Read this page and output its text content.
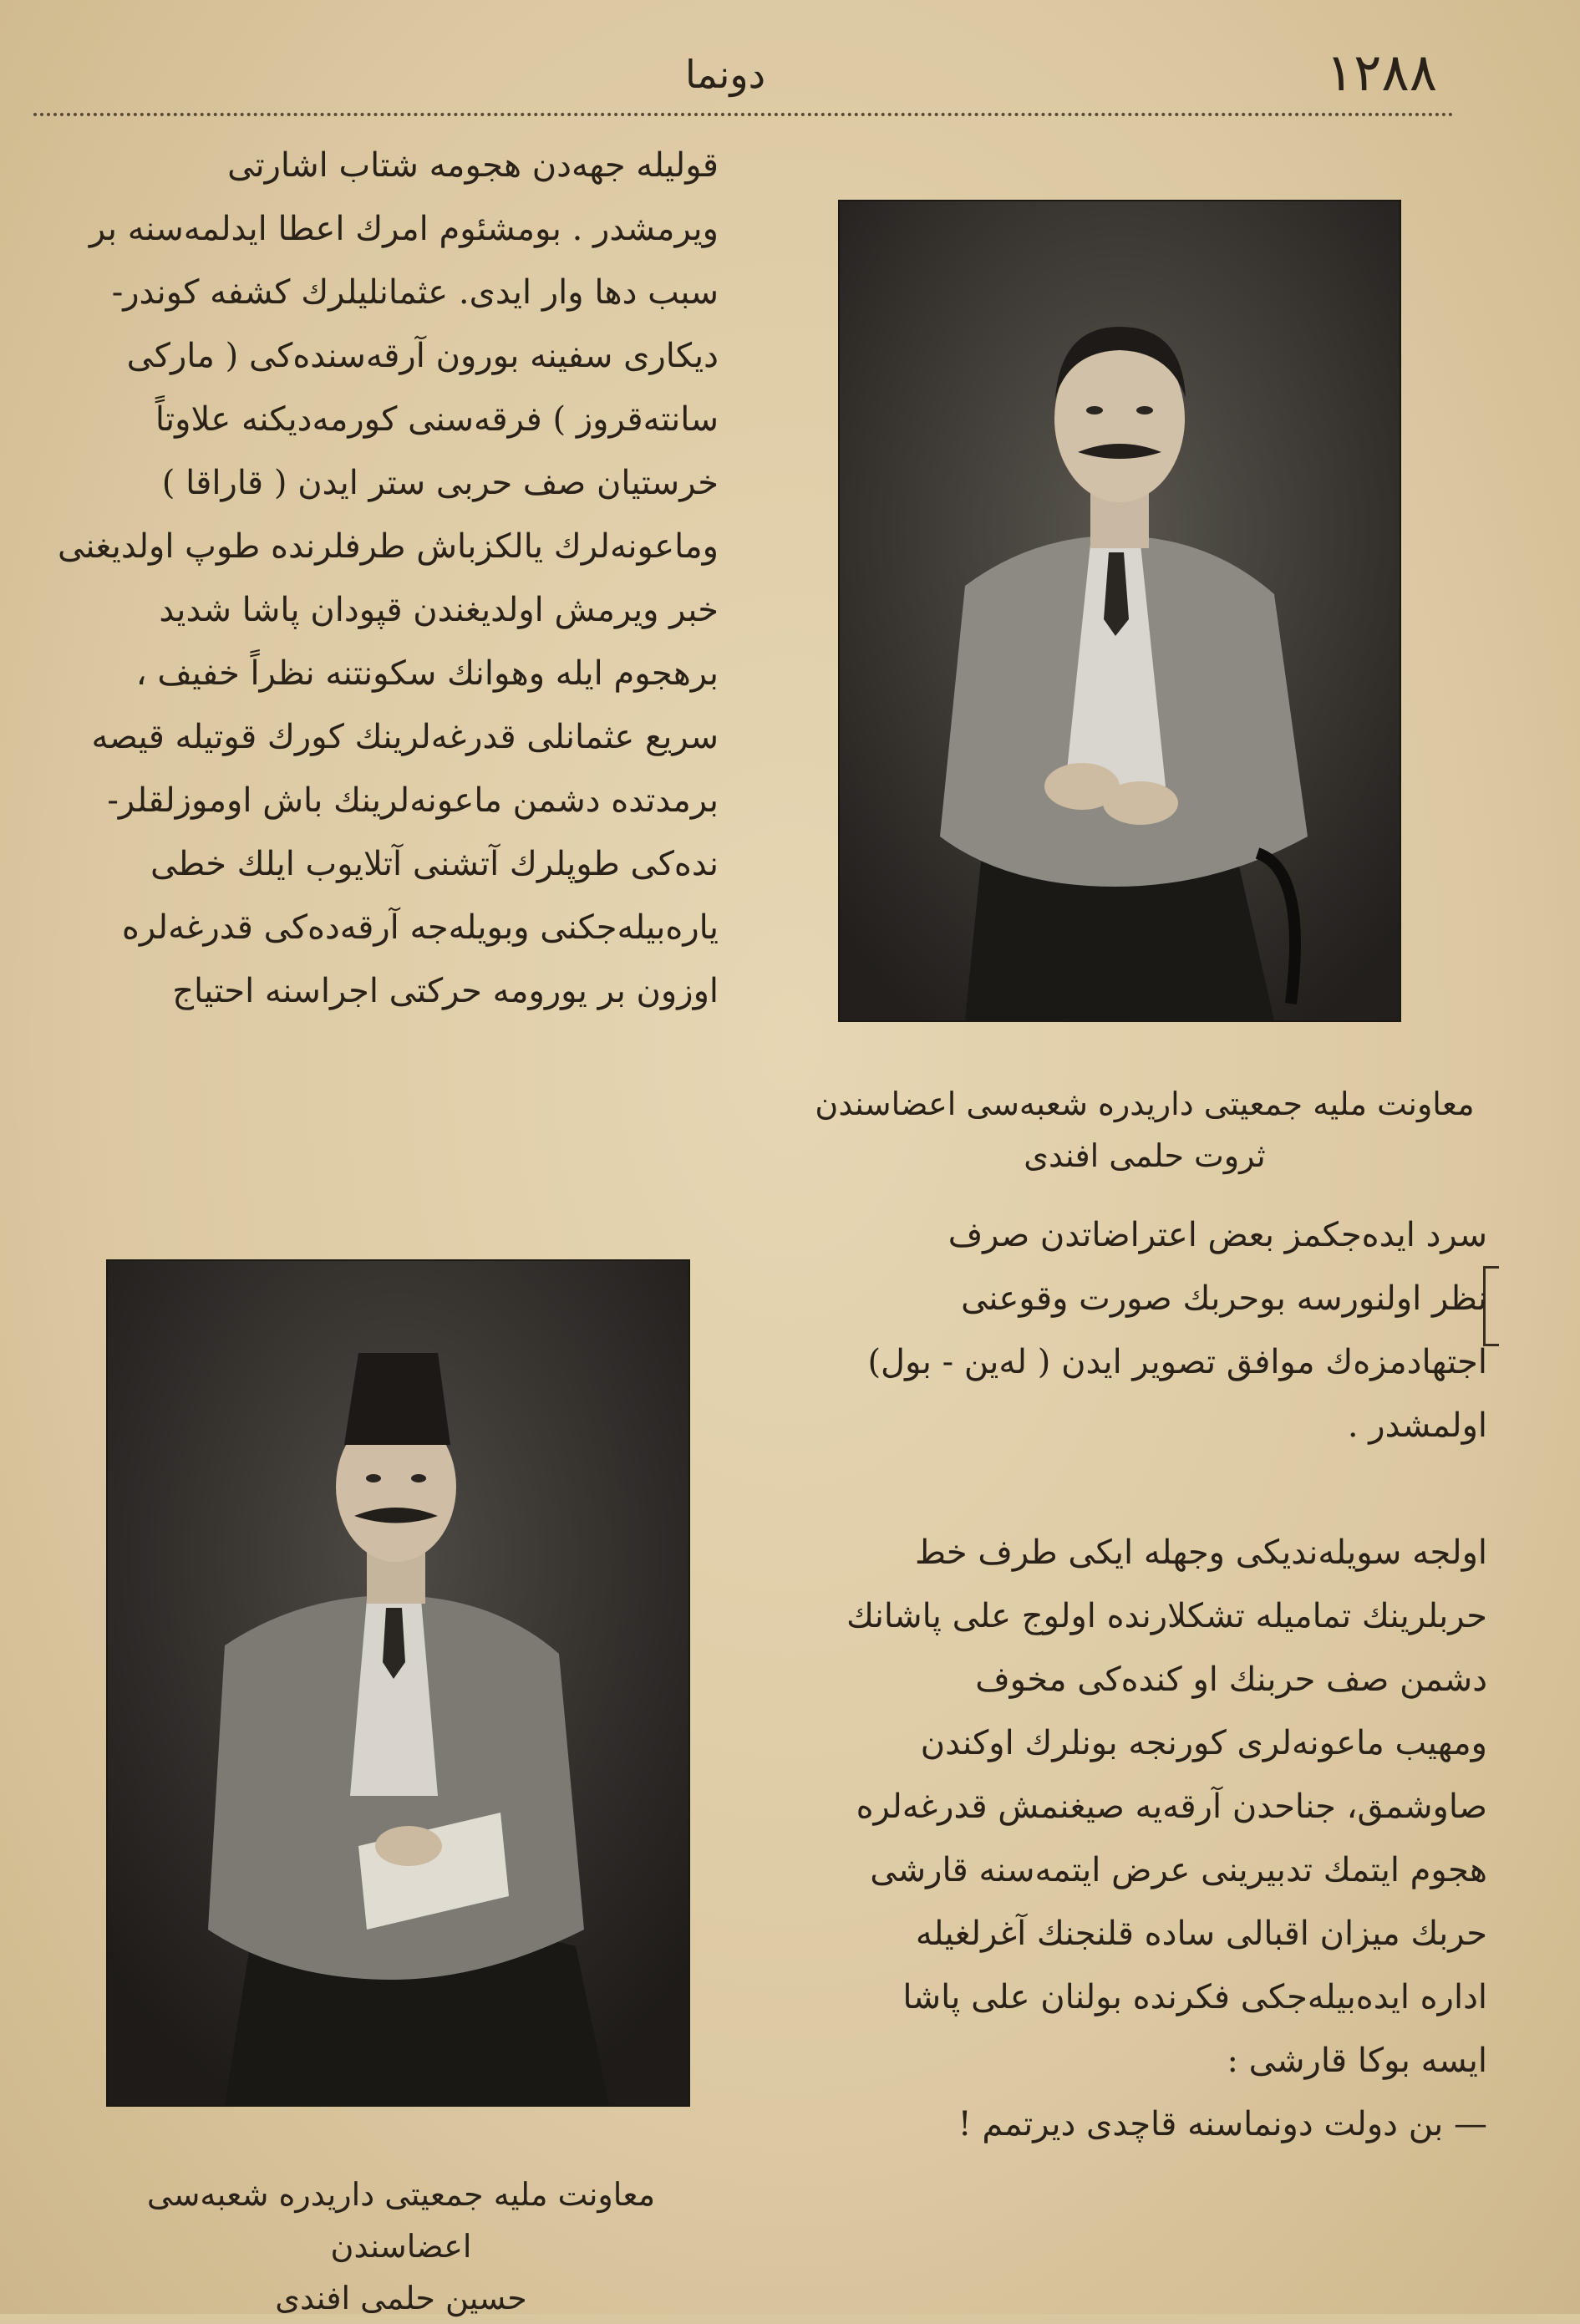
١٢٨٨
دونما
قولیله جهه‌دن هجومه شتاب اشارتی
ویرمشدر . بومشئوم امرك اعطا ایدلمه‌سنه بر
سبب دها وار ایدی. عثمانلیلرك کشفه کوندر-
دیکاری سفینه بورون آرقه‌سنده‌کی ( مارکی
سانته‌قروز ) فرقه‌سنی کورمه‌دیکنه علاوتاً
خرستیان صف حربی ستر ایدن ( قاراقا )
وماعونه‌لرك یالکزباش طرفلرنده طوپ اولدیغنی
خبر ویرمش اولدیغندن قپودان پاشا شدید
برهجوم ایله وهوانك سکونتنه نظراً خفیف ،
سریع عثمانلی قدرغه‌لرینك کورك قوتیله قیصه
برمدتده دشمن ماعونه‌لرینك باش اوموزلقلر-
نده‌کی طوپلرك آتشنی آتلایوب ایلك خطی
یاره‌بیله‌جکنی وبویله‌جه آرقه‌ده‌کی قدرغه‌لره
اوزون بر یورومه حرکتی اجراسنه احتیاج
معاونت ملیه جمعیتی داریدره شعبه‌سی اعضاسندن
ثروت حلمی افندی
سرد ایده‌جکمز بعض اعتراضاتدن صرف
نظر اولنورسه بوحربك صورت وقوعنی
اجتهادمزه‌ك موافق تصویر ایدن ( له‌ین - بول)
اولمشدر .
اولجه سویله‌ندیکی وجهله ایکی طرف خط
حربلرینك تمامیله تشکلارنده اولوج علی پاشانك
دشمن صف حربنك او کنده‌کی مخوف
ومهیب ماعونه‌لری کورنجه بونلرك اوکندن
صاوشمق، جناحدن آرقه‌یه صیغنمش قدرغه‌لره
هجوم ایتمك تدبیرینی عرض ایتمه‌سنه قارشی
حربك میزان اقبالی ساده قلنجنك آغرلغیله
اداره ایده‌بیله‌جکی فکرنده بولنان علی پاشا
ایسه بوکا قارشی :
— بن دولت دونماسنه قاچدی دیرتمم !
معاونت ملیه جمعیتی داریدره شعبه‌سی اعضاسندن
حسین حلمی افندی
